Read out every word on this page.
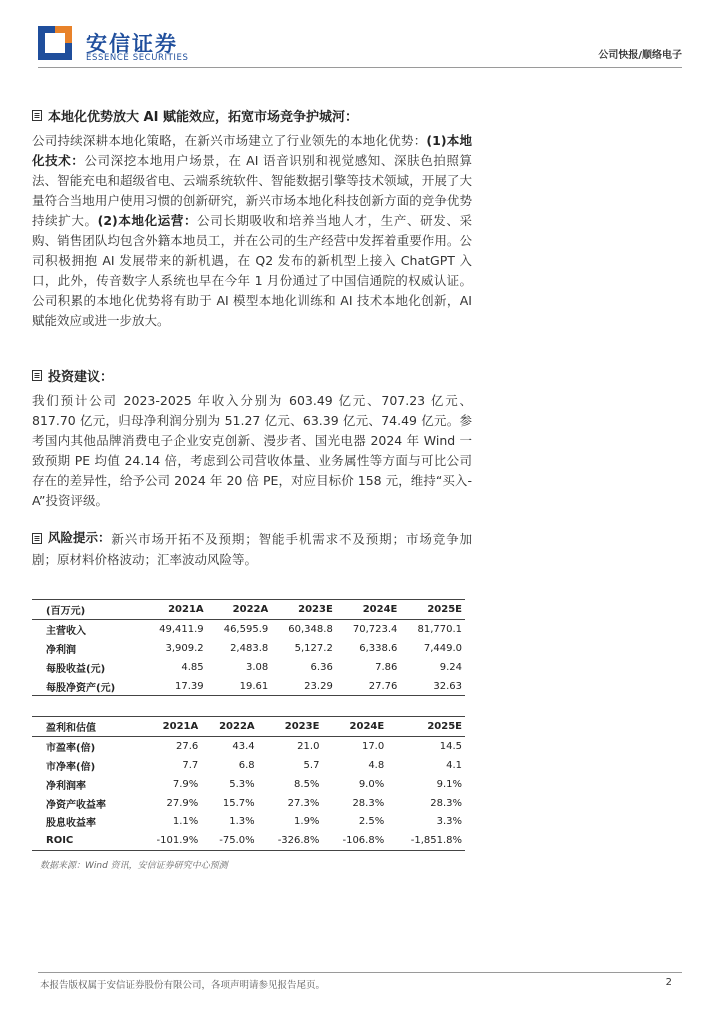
安信证券
ESSENCE SECURITIES	公司快报/顺络电子
本地化优势放大 AI 赋能效应，拓宽市场竞争护城河：

公司持续深耕本地化策略，在新兴市场建立了行业领先的本地化优势：(1)本地化技术：公司深挖本地用户场景，在 AI 语音识别和视觉感知、深肤色拍照算法、智能充电和超级省电、云端系统软件、智能数据引擎等技术领域，开展了大量符合当地用户使用习惯的创新研究，新兴市场本地化科技创新方面的竞争优势持续扩大。(2)本地化运营：公司长期吸收和培养当地人才，生产、研发、采购、销售团队均包含外籍本地员工，并在公司的生产经营中发挥着重要作用。公司积极拥抱 AI 发展带来的新机遇，在 Q2 发布的新机型上接入 ChatGPT 入口，此外，传音数字人系统也早在今年 1 月份通过了中国信通院的权威认证。公司积累的本地化优势将有助于 AI 模型本地化训练和 AI 技术本地化创新，AI 赋能效应或进一步放大。

投资建议：

我们预计公司 2023-2025 年收入分别为 603.49 亿元、707.23 亿元、817.70 亿元，归母净利润分别为 51.27 亿元、63.39 亿元、74.49 亿元。参考国内其他品牌消费电子企业安克创新、漫步者、国光电器 2024 年 Wind 一致预期 PE 均值 24.14 倍，考虑到公司营收体量、业务属性等方面与可比公司存在的差异性，给予公司 2024 年 20 倍 PE，对应目标价 158 元，维持“买入-A”投资评级。

风险提示： 新兴市场开拓不及预期；智能手机需求不及预期；市场竞争加剧；原材料价格波动；汇率波动风险等。

(百万元)	2021A	2022A	2023E	2024E	2025E
主营收入	49,411.9	46,595.9	60,348.8	70,723.4	81,770.1
净利润	3,909.2	2,483.8	5,127.2	6,338.6	7,449.0
每股收益(元)	4.85	3.08	6.36	7.86	9.24
每股净资产(元)	17.39	19.61	23.29	27.76	32.63
盈利和估值	2021A	2022A	2023E	2024E	2025E
市盈率(倍)	27.6	43.4	21.0	17.0	14.5
市净率(倍)	7.7	6.8	5.7	4.8	4.1
净利润率	7.9%	5.3%	8.5%	9.0%	9.1%
净资产收益率	27.9%	15.7%	27.3%	28.3%	28.3%
股息收益率	1.1%	1.3%	1.9%	2.5%	3.3%
ROIC	-101.9%	-75.0%	-326.8%	-106.8%	-1,851.8%
数据来源：Wind 资讯，安信证券研究中心预测
本报告版权属于安信证券股份有限公司，各项声明请参见报告尾页。	2
